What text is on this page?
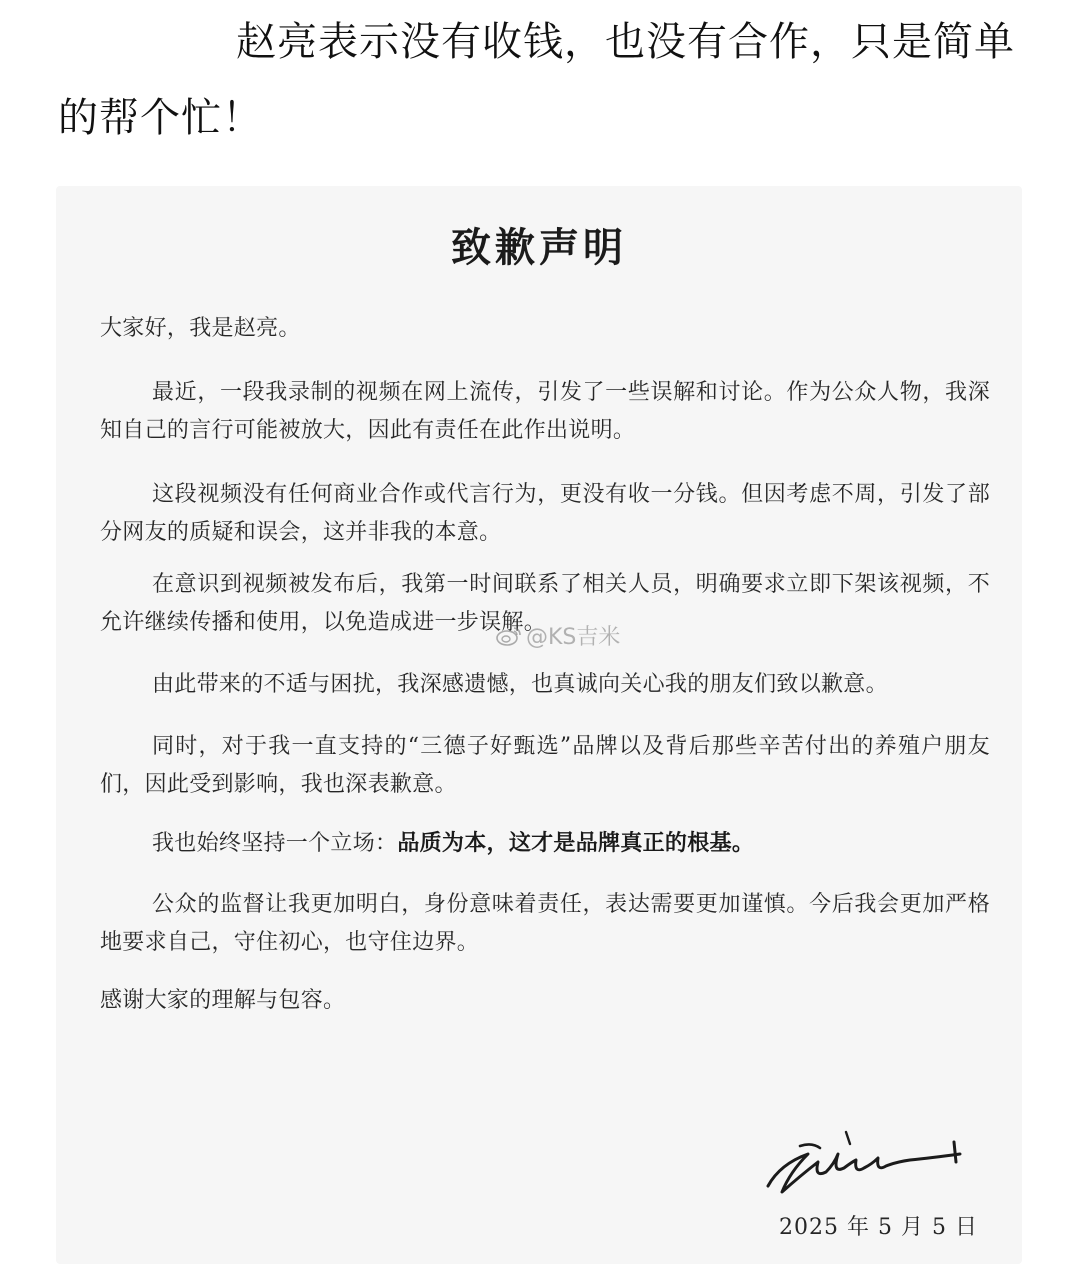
赵亮表示没有收钱，也没有合作，只是简单的帮个忙！
致歉声明
大家好，我是赵亮。
最近，一段我录制的视频在网上流传，引发了一些误解和讨论。作为公众人物，我深知自己的言行可能被放大，因此有责任在此作出说明。
这段视频没有任何商业合作或代言行为，更没有收一分钱。但因考虑不周，引发了部分网友的质疑和误会，这并非我的本意。
在意识到视频被发布后，我第一时间联系了相关人员，明确要求立即下架该视频，不允许继续传播和使用，以免造成进一步误解。
由此带来的不适与困扰，我深感遗憾，也真诚向关心我的朋友们致以歉意。
同时，对于我一直支持的“三德子好甄选”品牌以及背后那些辛苦付出的养殖户朋友们，因此受到影响，我也深表歉意。
我也始终坚持一个立场：品质为本，这才是品牌真正的根基。
公众的监督让我更加明白，身份意味着责任，表达需要更加谨慎。今后我会更加严格地要求自己，守住初心，也守住边界。
感谢大家的理解与包容。
@KS吉米
2025 年 5 月 5 日
